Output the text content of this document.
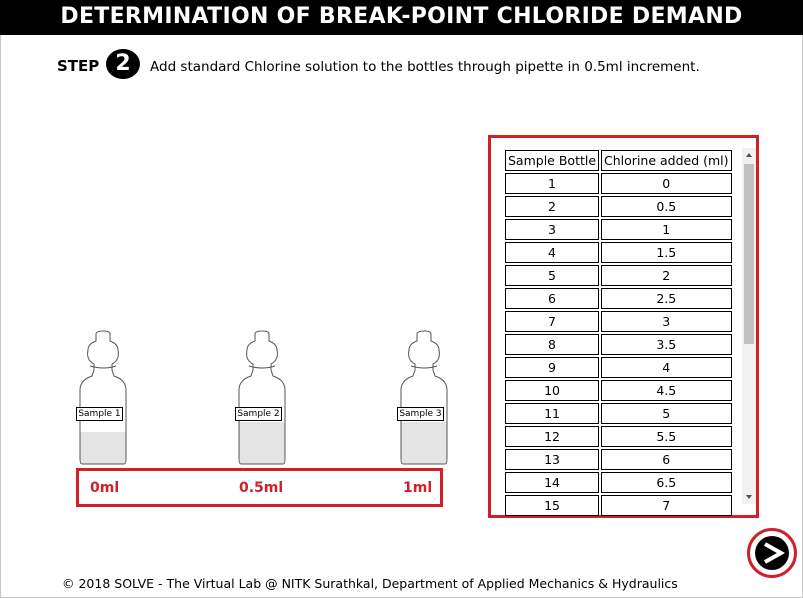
DETERMINATION OF BREAK-POINT CHLORIDE DEMAND
STEP 2	Add standard Chlorine solution to the bottles through pipette in 0.5ml increment.
Sample 1	Sample 2	Sample 3
0ml	0.5ml	1ml
Sample Bottle	Chlorine added (ml)
1	0
2	0.5
3	1
4	1.5
5	2
6	2.5
7	3
8	3.5
9	4
10	4.5
11	5
12	5.5
13	6
14	6.5
15	7
© 2018 SOLVE - The Virtual Lab @ NITK Surathkal, Department of Applied Mechanics & Hydraulics
